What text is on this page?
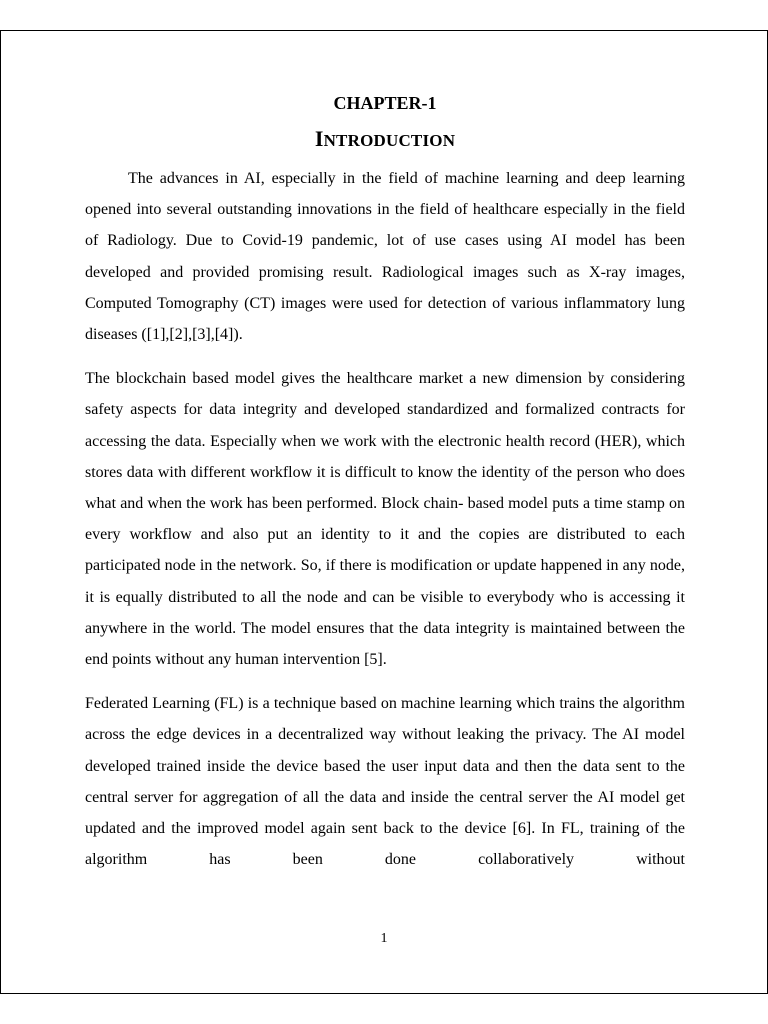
CHAPTER-1
INTRODUCTION

The advances in AI, especially in the field of machine learning and deep learning opened into several outstanding innovations in the field of healthcare especially in the field of Radiology. Due to Covid-19 pandemic, lot of use cases using AI model has been developed and provided promising result. Radiological images such as X-ray images, Computed Tomography (CT) images were used for detection of various inflammatory lung diseases ([1],[2],[3],[4]).

The blockchain based model gives the healthcare market a new dimension by considering safety aspects for data integrity and developed standardized and formalized contracts for accessing the data. Especially when we work with the electronic health record (HER), which stores data with different workflow it is difficult to know the identity of the person who does what and when the work has been performed. Block chain- based model puts a time stamp on every workflow and also put an identity to it and the copies are distributed to each participated node in the network. So, if there is modification or update happened in any node, it is equally distributed to all the node and can be visible to everybody who is accessing it anywhere in the world. The model ensures that the data integrity is maintained between the end points without any human intervention [5].

Federated Learning (FL) is a technique based on machine learning which trains the algorithm across the edge devices in a decentralized way without leaking the privacy. The AI model developed trained inside the device based the user input data and then the data sent to the central server for aggregation of all the data and inside the central server the AI model get updated and the improved model again sent back to the device [6]. In FL, training of the algorithm has been done collaboratively without

1
